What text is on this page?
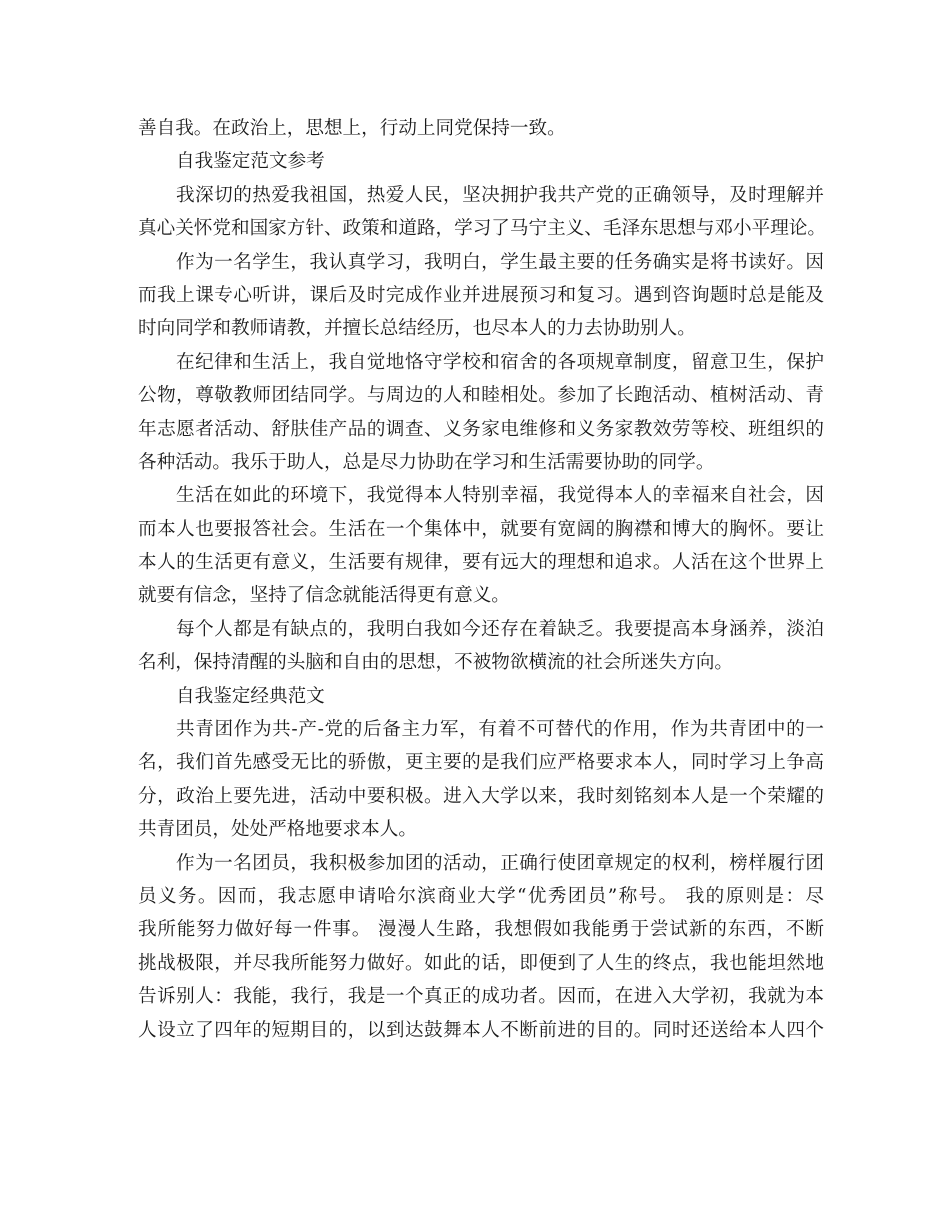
善自我。在政治上，思想上，行动上同党保持一致。
自我鉴定范文参考
我深切的热爱我祖国，热爱人民，坚决拥护我共产党的正确领导，及时理解并
真心关怀党和国家方针、政策和道路，学习了马宁主义、毛泽东思想与邓小平理论。
作为一名学生，我认真学习，我明白，学生最主要的任务确实是将书读好。因
而我上课专心听讲，课后及时完成作业并进展预习和复习。遇到咨询题时总是能及
时向同学和教师请教，并擅长总结经历，也尽本人的力去协助别人。
在纪律和生活上，我自觉地恪守学校和宿舍的各项规章制度，留意卫生，保护
公物，尊敬教师团结同学。与周边的人和睦相处。参加了长跑活动、植树活动、青
年志愿者活动、舒肤佳产品的调查、义务家电维修和义务家教效劳等校、班组织的
各种活动。我乐于助人，总是尽力协助在学习和生活需要协助的同学。
生活在如此的环境下，我觉得本人特别幸福，我觉得本人的幸福来自社会，因
而本人也要报答社会。生活在一个集体中，就要有宽阔的胸襟和博大的胸怀。要让
本人的生活更有意义，生活要有规律，要有远大的理想和追求。人活在这个世界上
就要有信念，坚持了信念就能活得更有意义。
每个人都是有缺点的，我明白我如今还存在着缺乏。我要提高本身涵养，淡泊
名利，保持清醒的头脑和自由的思想，不被物欲横流的社会所迷失方向。
自我鉴定经典范文
共青团作为共-产-党的后备主力军，有着不可替代的作用，作为共青团中的一
名，我们首先感受无比的骄傲，更主要的是我们应严格要求本人，同时学习上争高
分，政治上要先进，活动中要积极。进入大学以来，我时刻铭刻本人是一个荣耀的
共青团员，处处严格地要求本人。
作为一名团员，我积极参加团的活动，正确行使团章规定的权利，榜样履行团
员义务。因而，我志愿申请哈尔滨商业大学“优秀团员”称号。 我的原则是：尽
我所能努力做好每一件事。 漫漫人生路，我想假如我能勇于尝试新的东西，不断
挑战极限，并尽我所能努力做好。如此的话，即便到了人生的终点，我也能坦然地
告诉别人：我能，我行，我是一个真正的成功者。因而，在进入大学初，我就为本
人设立了四年的短期目的，以到达鼓舞本人不断前进的目的。同时还送给本人四个
